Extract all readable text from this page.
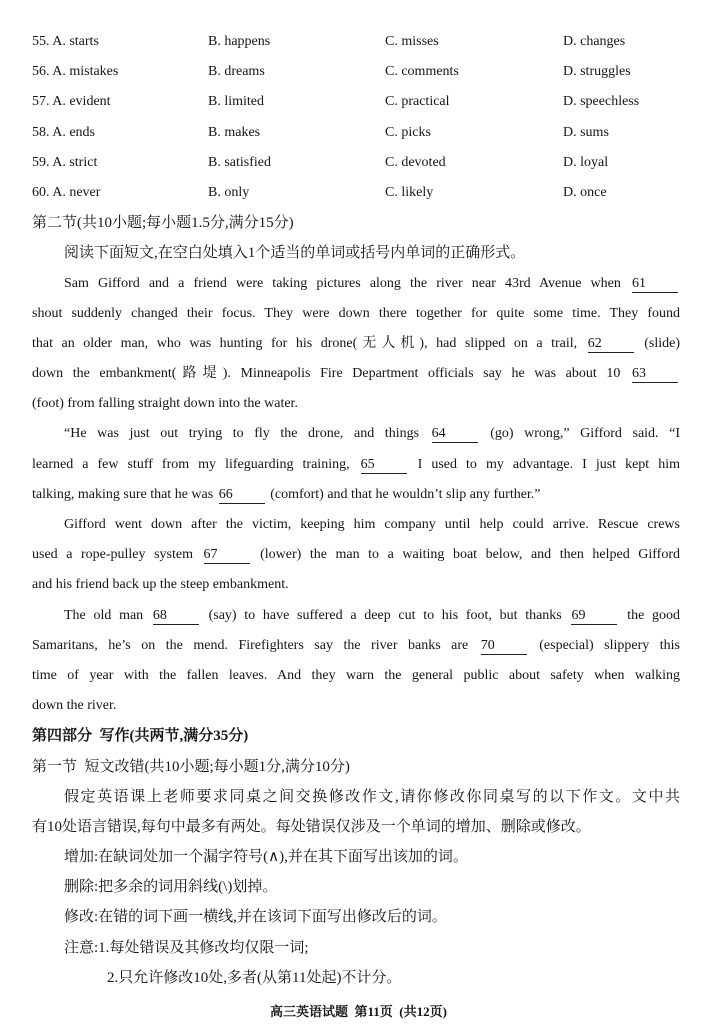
55. A. starts	B. happens	C. misses	D. changes
56. A. mistakes	B. dreams	C. comments	D. struggles
57. A. evident	B. limited	C. practical	D. speechless
58. A. ends	B. makes	C. picks	D. sums
59. A. strict	B. satisfied	C. devoted	D. loyal
60. A. never	B. only	C. likely	D. once
第二节(共10小题;每小题1.5分,满分15分)
阅读下面短文,在空白处填入1个适当的单词或括号内单词的正确形式。
Sam Gifford and a friend were taking pictures along the river near 43rd Avenue when 61
shout suddenly changed their focus. They were down there together for quite some time. They found
that an older man, who was hunting for his drone(无人机), had slipped on a trail, 62 (slide)
down the embankment(路堤). Minneapolis Fire Department officials say he was about 10 63
(foot) from falling straight down into the water.
“He was just out trying to fly the drone, and things 64 (go) wrong,” Gifford said. “I
learned a few stuff from my lifeguarding training, 65 I used to my advantage. I just kept him
talking, making sure that he was 66 (comfort) and that he wouldn’t slip any further.”
Gifford went down after the victim, keeping him company until help could arrive. Rescue crews
used a rope-pulley system 67 (lower) the man to a waiting boat below, and then helped Gifford
and his friend back up the steep embankment.
The old man 68 (say) to have suffered a deep cut to his foot, but thanks 69 the good
Samaritans, he’s on the mend. Firefighters say the river banks are 70 (especial) slippery this
time of year with the fallen leaves. And they warn the general public about safety when walking
down the river.
第四部分  写作(共两节,满分35分)
第一节  短文改错(共10小题;每小题1分,满分10分)
假定英语课上老师要求同桌之间交换修改作文,请你修改你同桌写的以下作文。文中共
有10处语言错误,每句中最多有两处。每处错误仅涉及一个单词的增加、删除或修改。
增加:在缺词处加一个漏字符号(∧),并在其下面写出该加的词。
删除:把多余的词用斜线(\)划掉。
修改:在错的词下画一横线,并在该词下面写出修改后的词。
注意:1.每处错误及其修改均仅限一词;
2.只允许修改10处,多者(从第11处起)不计分。
高三英语试题  第11页  (共12页)
